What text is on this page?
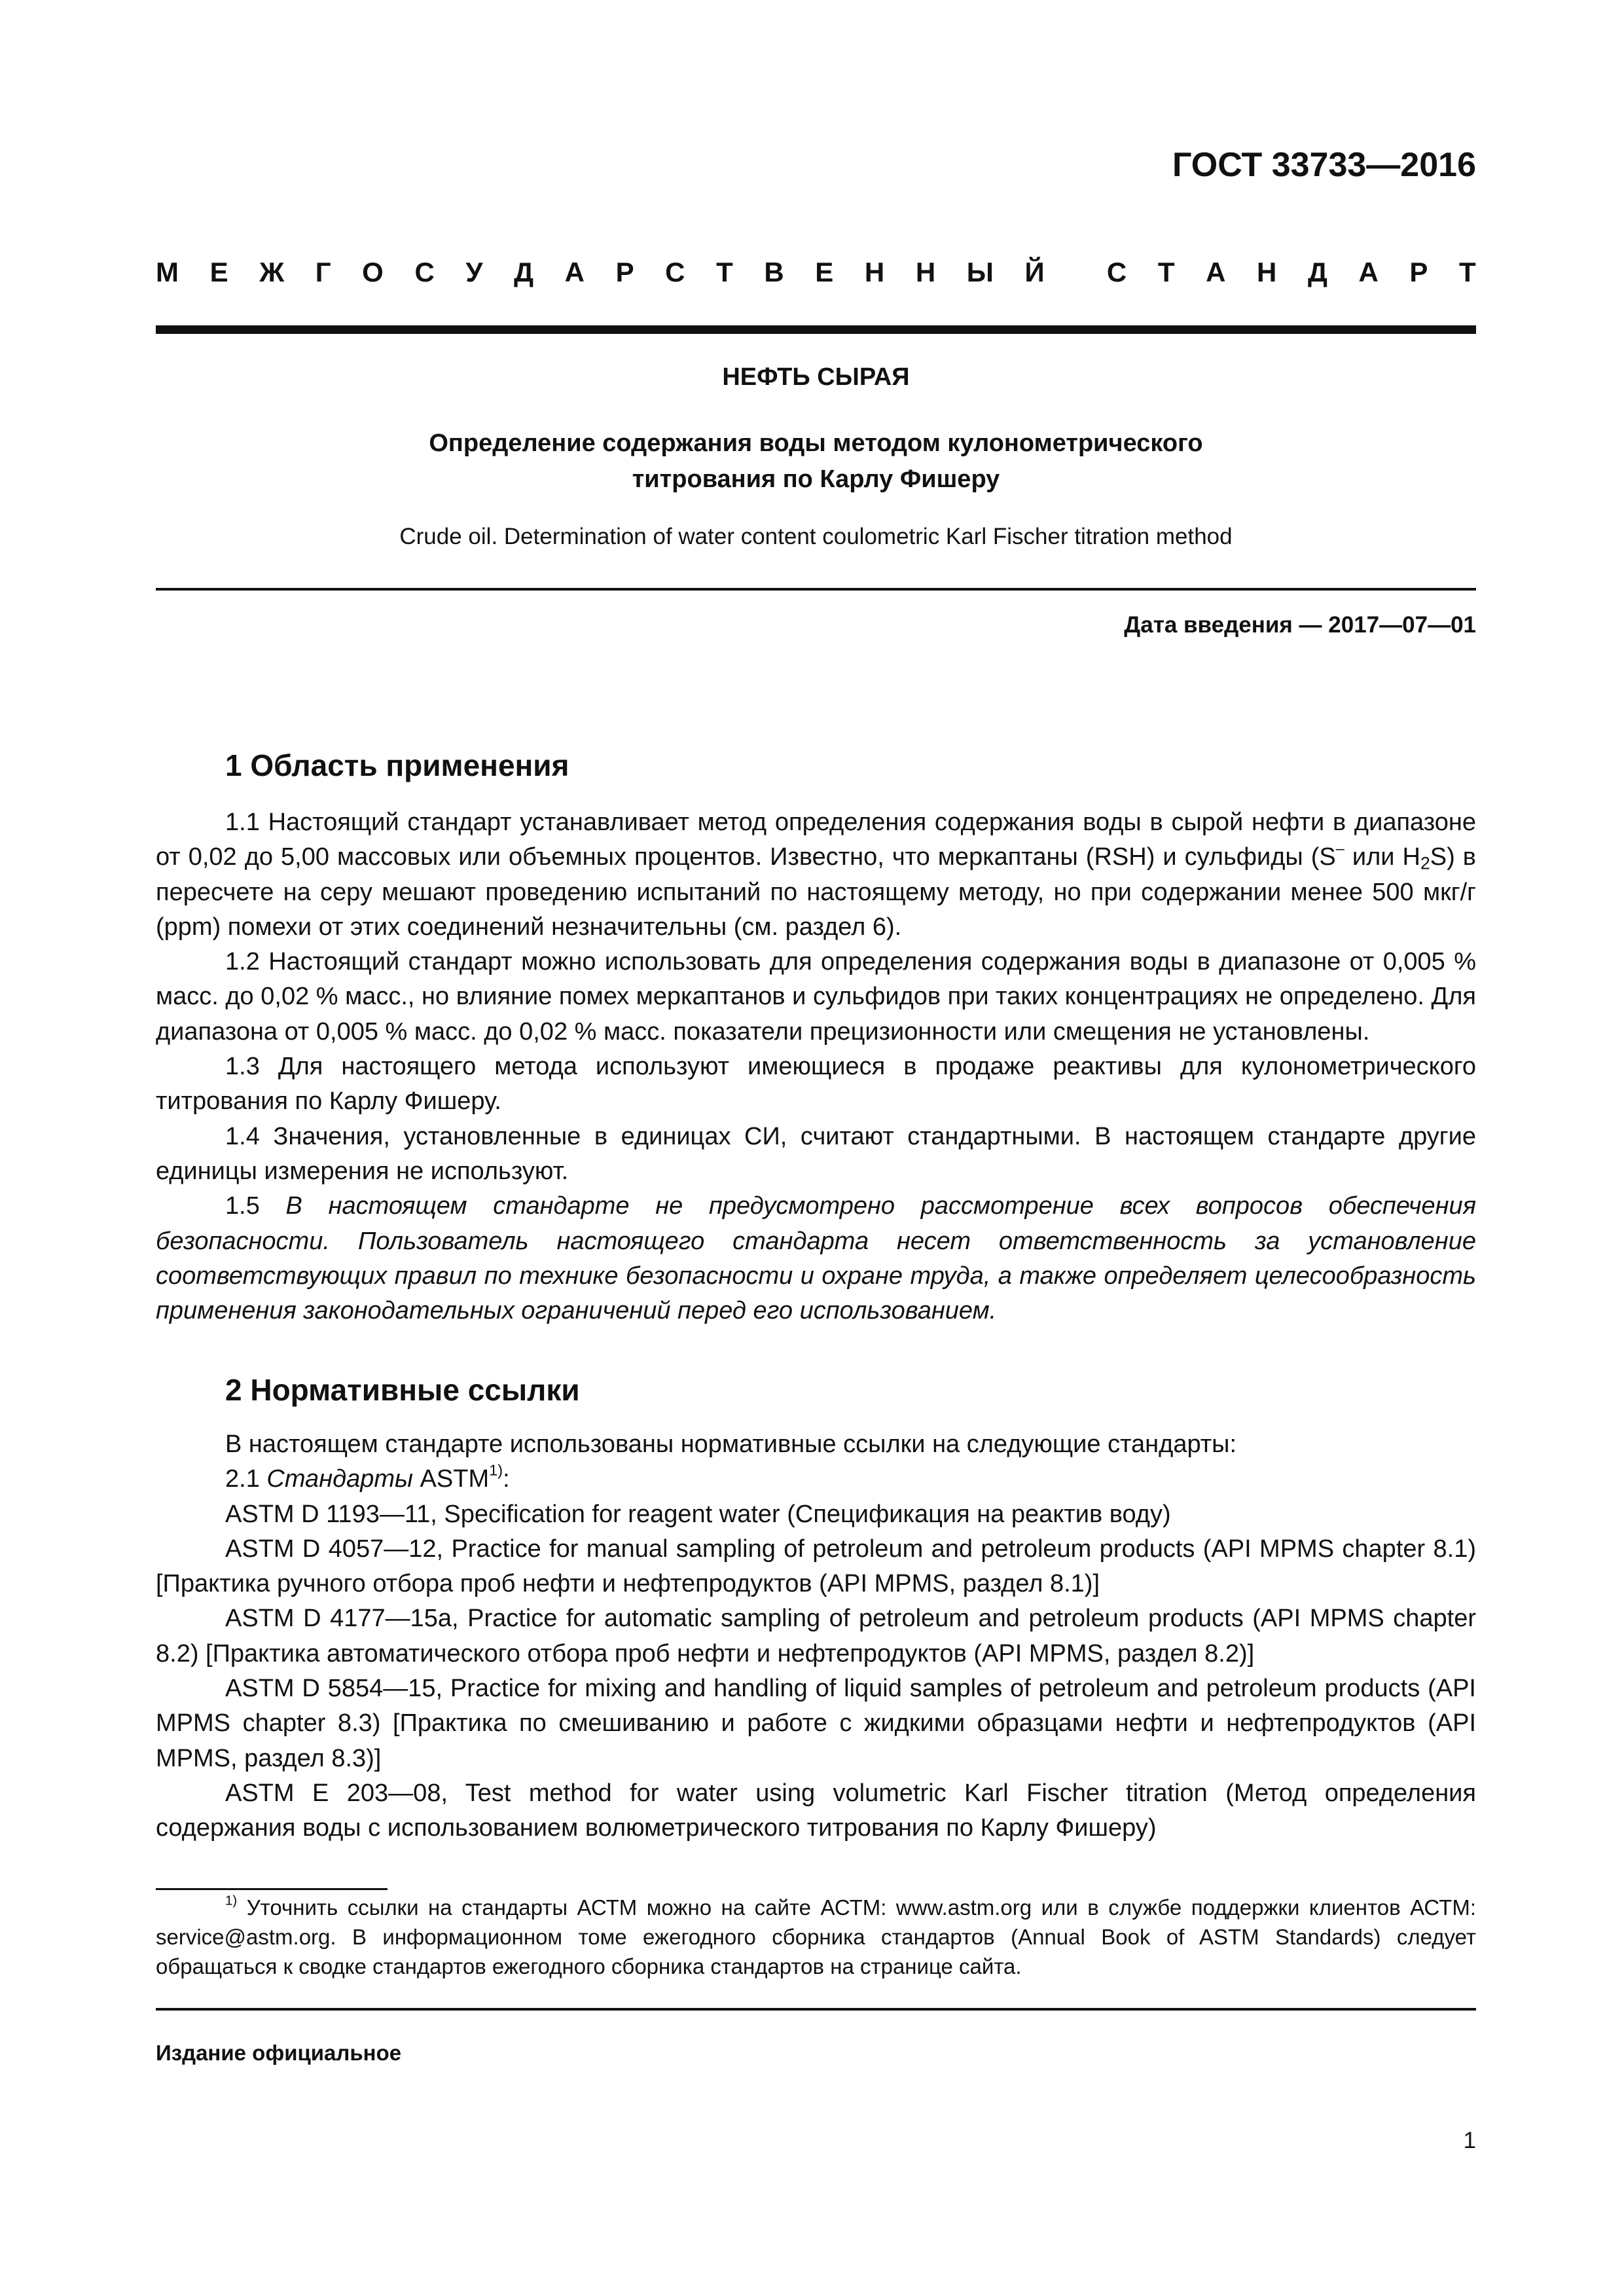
ГОСТ 33733—2016
М Е Ж Г О С У Д А Р С Т В Е Н Н Ы Й С Т А Н Д А Р Т
НЕФТЬ СЫРАЯ
Определение содержания воды методом кулонометрического
титрования по Карлу Фишеру
Crude oil. Determination of water content coulometric Karl Fischer titration method
Дата введения — 2017—07—01
1 Область применения

1.1 Настоящий стандарт устанавливает метод определения содержания воды в сырой нефти в диапазоне от 0,02 до 5,00 массовых или объемных процентов. Известно, что меркаптаны (RSH) и сульфиды (S– или $H_2S$) в пересчете на серу мешают проведению испытаний по настоящему методу, но при содержании менее 500 мкг/г (ppm) помехи от этих соединений незначительны (см. раздел 6).

1.2 Настоящий стандарт можно использовать для определения содержания воды в диапазоне от 0,005 % масс. до 0,02 % масс., но влияние помех меркаптанов и сульфидов при таких концентрациях не определено. Для диапазона от 0,005 % масс. до 0,02 % масс. показатели прецизионности или смещения не установлены.

1.3 Для настоящего метода используют имеющиеся в продаже реактивы для кулонометрического титрования по Карлу Фишеру.

1.4 Значения, установленные в единицах СИ, считают стандартными. В настоящем стандарте другие единицы измерения не используют.

1.5 В настоящем стандарте не предусмотрено рассмотрение всех вопросов обеспечения безопасности. Пользователь настоящего стандарта несет ответственность за установление соответствующих правил по технике безопасности и охране труда, а также определяет целесообразность применения законодательных ограничений перед его использованием.

2 Нормативные ссылки

В настоящем стандарте использованы нормативные ссылки на следующие стандарты:

2.1 Стандарты ASTM$^{1)}$:

ASTM D 1193—11, Specification for reagent water (Спецификация на реактив воду)

ASTM D 4057—12, Practice for manual sampling of petroleum and petroleum products (API MPMS chapter 8.1) [Практика ручного отбора проб нефти и нефтепродуктов (API MPMS, раздел 8.1)]

ASTM D 4177—15a, Practice for automatic sampling of petroleum and petroleum products (API MPMS chapter 8.2) [Практика автоматического отбора проб нефти и нефтепродуктов (API MPMS, раздел 8.2)]

ASTM D 5854—15, Practice for mixing and handling of liquid samples of petroleum and petroleum products (API MPMS chapter 8.3) [Практика по смешиванию и работе с жидкими образцами нефти и нефтепродуктов (API MPMS, раздел 8.3)]

ASTM E 203—08, Test method for water using volumetric Karl Fischer titration (Метод определения содержания воды с использованием волюметрического титрования по Карлу Фишеру)

$^{1)}$ Уточнить ссылки на стандарты АСТМ можно на сайте АСТМ: www.astm.org или в службе поддержки клиентов АСТМ: service@astm.org. В информационном томе ежегодного сборника стандартов (Annual Book of ASTM Standards) следует обращаться к сводке стандартов ежегодного сборника стандартов на странице сайта.

Издание официальное
1
